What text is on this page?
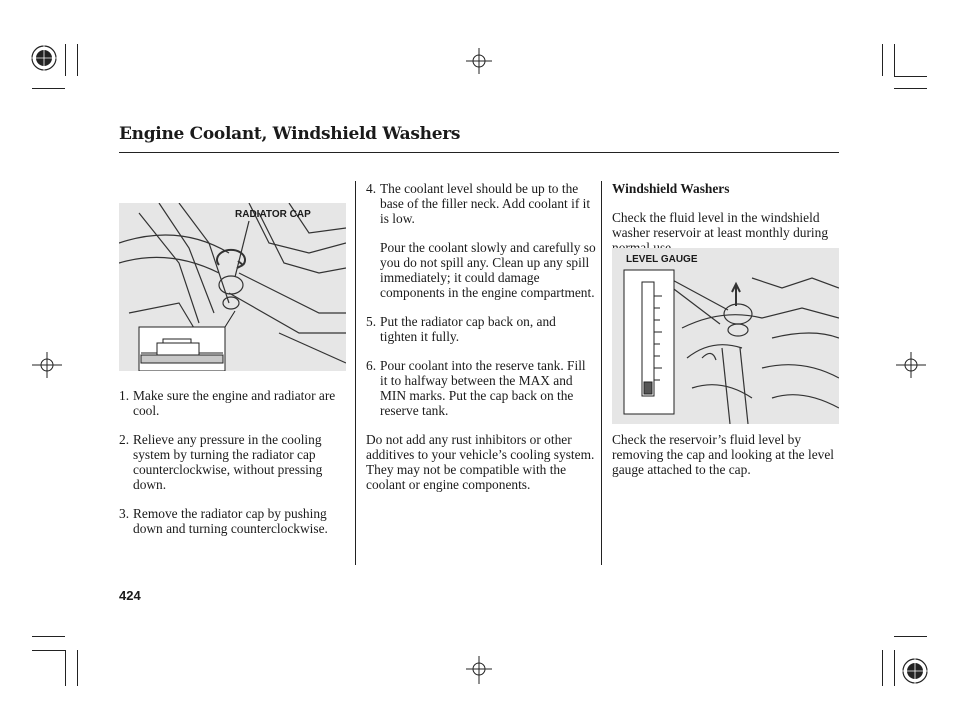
Engine Coolant, Windshield Washers
RADIATOR CAP
1. Make sure the engine and radiator are cool.
2. Relieve any pressure in the cooling system by turning the radiator cap counterclockwise, without pressing down.
3. Remove the radiator cap by pushing down and turning counterclockwise.
4. The coolant level should be up to the base of the filler neck. Add coolant if it is low.

Pour the coolant slowly and carefully so you do not spill any. Clean up any spill immediately; it could damage components in the engine compartment.

5. Put the radiator cap back on, and tighten it fully.
6. Pour coolant into the reserve tank. Fill it to halfway between the MAX and MIN marks. Put the cap back on the reserve tank.

Do not add any rust inhibitors or other additives to your vehicle’s cooling system. They may not be compatible with the coolant or engine components.

Windshield Washers

Check the fluid level in the windshield washer reservoir at least monthly during

LEVEL GAUGE

Check the reservoir’s fluid level by removing the cap and looking at the level gauge attached to the cap.

424
